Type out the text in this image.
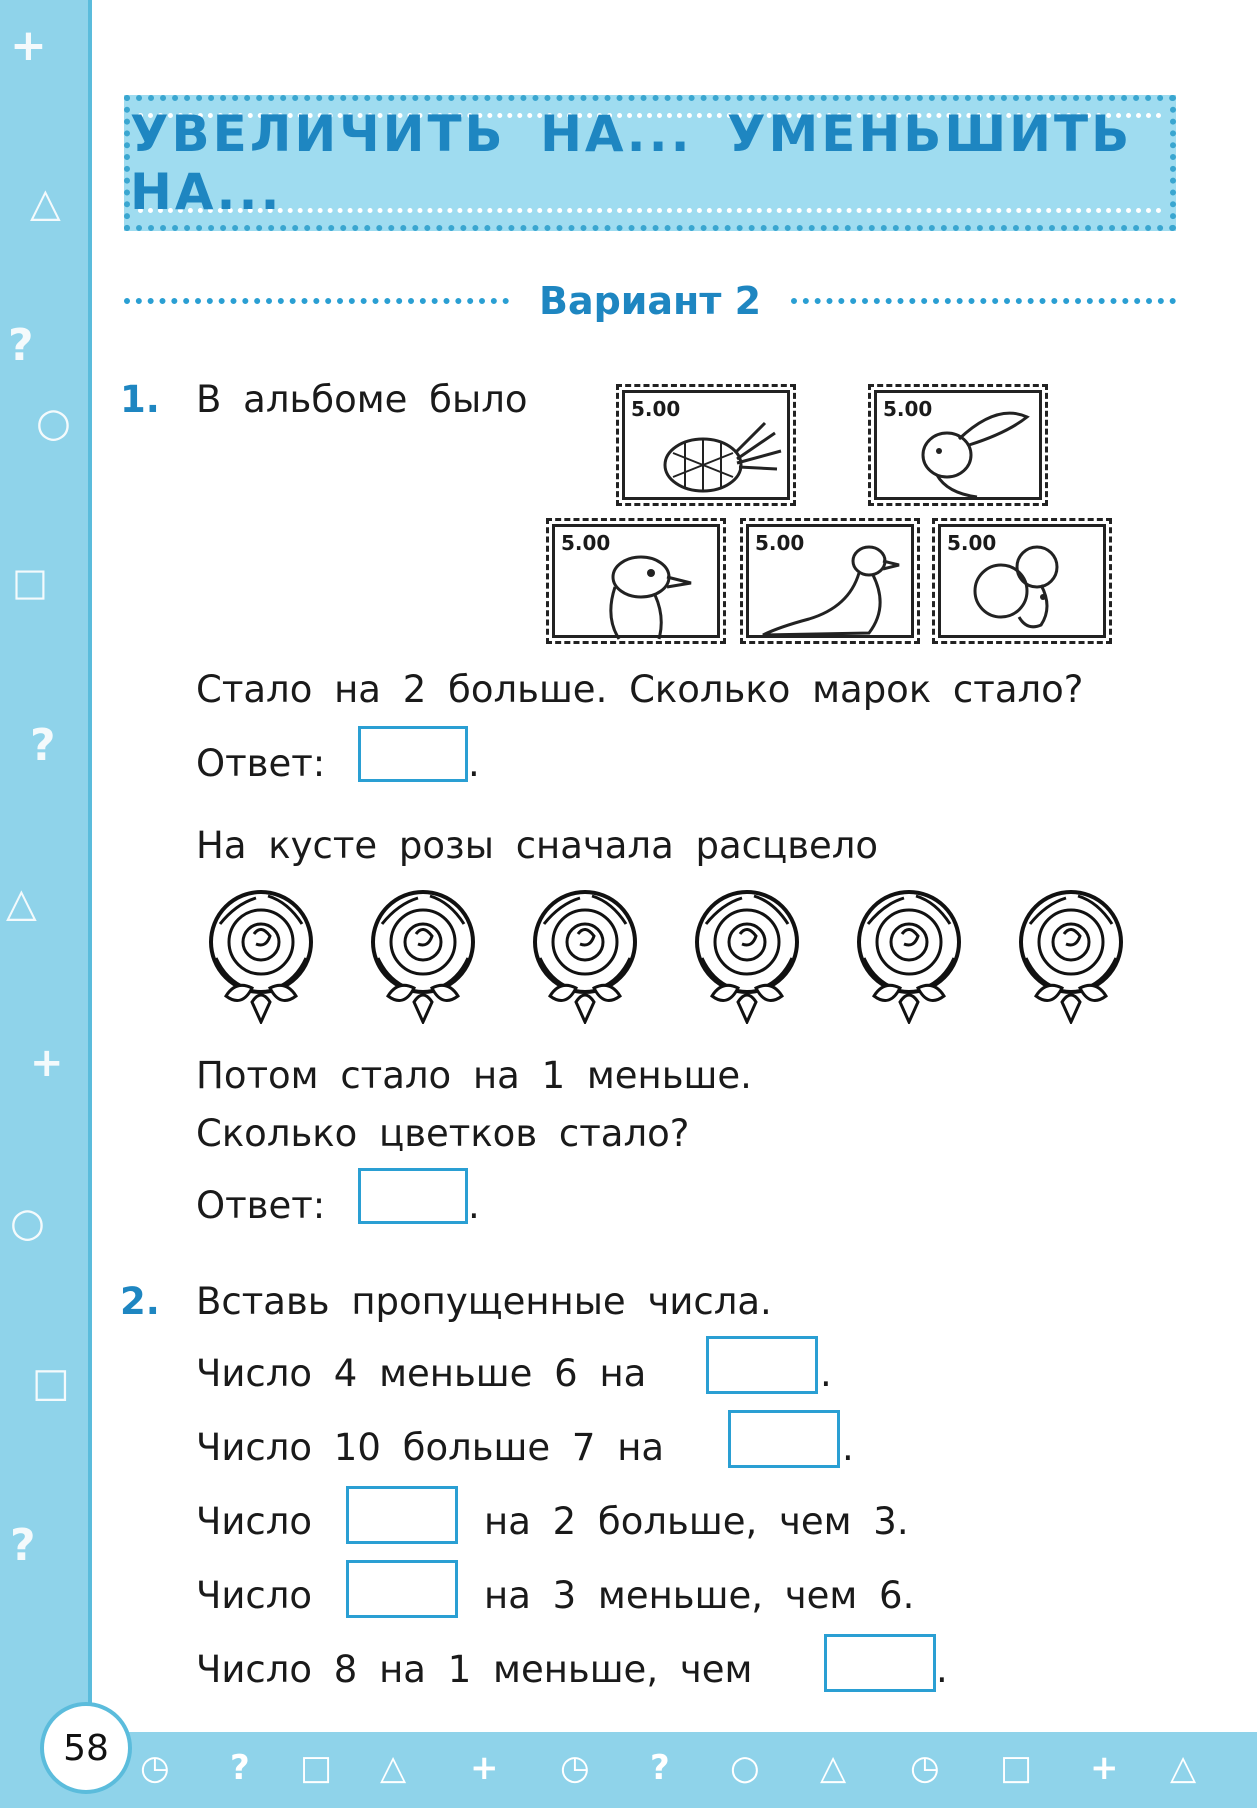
+
△
?
○
□
?
△
+
○
□
?
◷ ? □ △ + ◷ ? ○ △ ◷ □ + △
58
УВЕЛИЧИТЬ НА... УМЕНЬШИТЬ НА...
Вариант 2
1. В альбоме было	5.00	5.00
5.00	5.00	5.00
Стало на 2 больше. Сколько марок стало?
Ответ:	.
На кусте розы сначала расцвело
Потом стало на 1 меньше.
Сколько цветков стало?
Ответ:	.
2. Вставь пропущенные числа.
Число 4 меньше 6 на	.
Число 10 больше 7 на	.
Число	на 2 больше, чем 3.
Число	на 3 меньше, чем 6.
Число 8 на 1 меньше, чем	.
